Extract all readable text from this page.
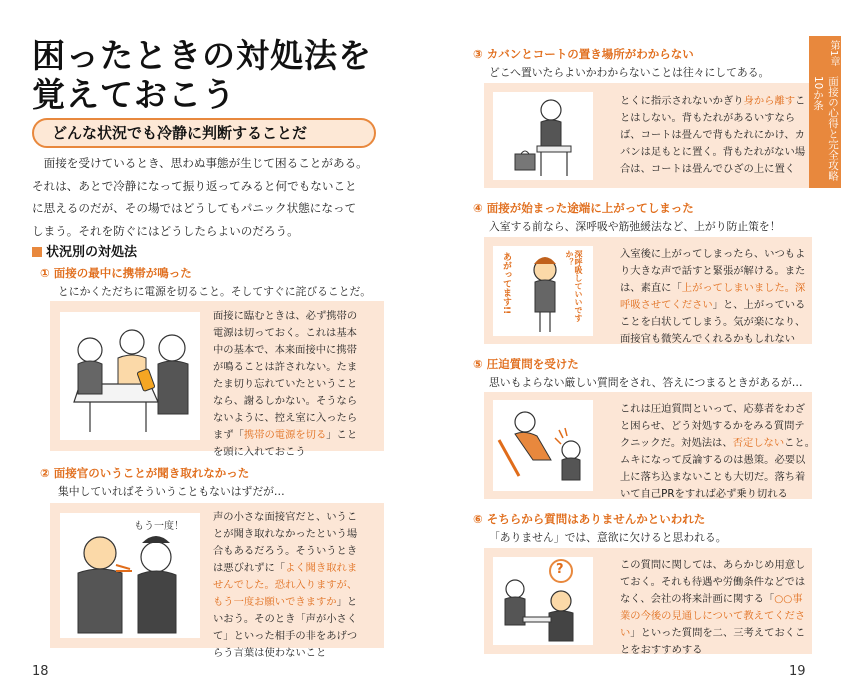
困ったときの対処法を
覚えておこう
どんな状況でも冷静に判断することだ
　面接を受けているとき、思わぬ事態が生じて困ることがある。
それは、あとで冷静になって振り返ってみると何でもないこと
に思えるのだが、その場ではどうしてもパニック状態になって
しまう。それを防ぐにはどうしたらよいのだろう。
状況別の対処法
① 面接の最中に携帯が鳴った
とにかくただちに電源を切ること。そしてすぐに詫びることだ。
面接に臨むときは、必ず携帯の
電源は切っておく。これは基本
中の基本で、本来面接中に携帯
が鳴ることは許されない。たま
たま切り忘れていたということ
なら、謝るしかない。そうなら
ないように、控え室に入ったら
まず「携帯の電源を切る」こと
を頭に入れておこう
② 面接官のいうことが聞き取れなかった
集中していればそういうこともないはずだが…
もう一度！
声の小さな面接官だと、いうこ
とが聞き取れなかったという場
合もあるだろう。そういうとき
は悪びれずに「よく聞き取れま
せんでした。恐れ入りますが、
もう一度お願いできますか」と
いおう。そのとき「声が小さく
て」といった相手の非をあげつ
らう言葉は使わないこと
18
③ カバンとコートの置き場所がわからない
どこへ置いたらよいかわからないことは往々にしてある。
とくに指示されないかぎり身から離すこ
とはしない。背もたれがあるいすなら
ば、コートは畳んで背もたれにかけ、カ
バンは足もとに置く。背もたれがない場
合は、コートは畳んでひざの上に置く
④ 面接が始まった途端に上がってしまった
入室する前なら、深呼吸や筋弛緩法など、上がり防止策を！
あがってます!!	深呼吸していいですか？	入室後に上がってしまったら、いつもよ
り大きな声で話すと緊張が解ける。また
は、素直に「上がってしまいました。深
呼吸させてください」と、上がっている
ことを白状してしまう。気が楽になり、
面接官も微笑んでくれるかもしれない
⑤ 圧迫質問を受けた
思いもよらない厳しい質問をされ、答えにつまるときがあるが…
これは圧迫質問といって、応募者をわざ
と困らせ、どう対処するかをみる質問テ
クニックだ。対処法は、否定しないこと。
ムキになって反論するのは愚策。必要以
上に落ち込まないことも大切だ。落ち着
いて自己PRをすれば必ず乗り切れる
⑥ そちらから質問はありませんかといわれた
「ありません」では、意欲に欠けると思われる。
?	この質問に関しては、あらかじめ用意し
ておく。それも待遇や労働条件などでは
なく、会社の将来計画に関する「○○事
業の今後の見通しについて教えてくださ
い」といった質問を二、三考えておくこ
とをおすすめする
19
第1章
面接の心得と完全攻略10か条
